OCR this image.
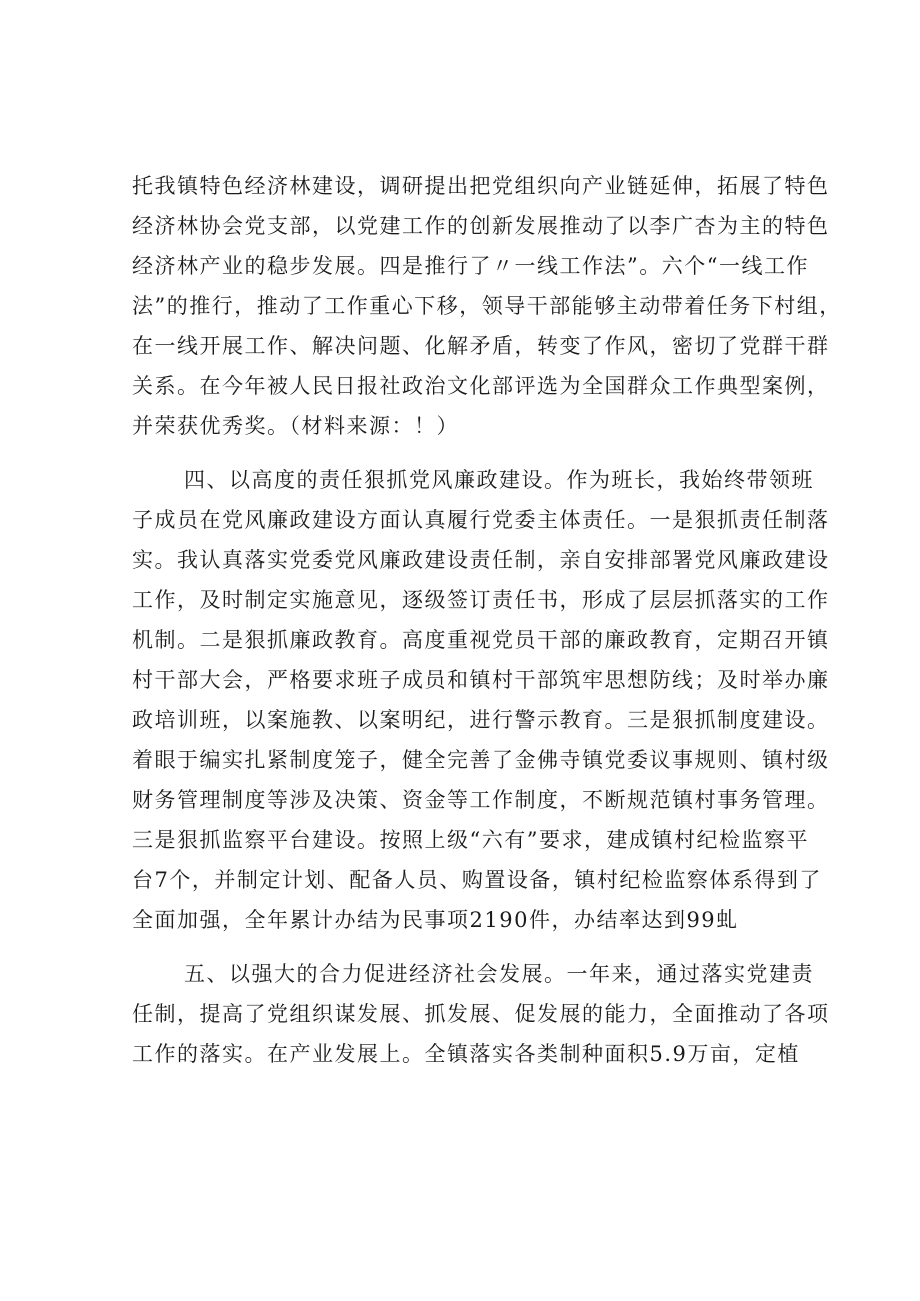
托我镇特色经济林建设，调研提出把党组织向产业链延伸，拓展了特色
经济林协会党支部，以党建工作的创新发展推动了以李广杏为主的特色
经济林产业的稳步发展。四是推行了〃一线工作法”。六个“一线工作
法”的推行，推动了工作重心下移，领导干部能够主动带着任务下村组，
在一线开展工作、解决问题、化解矛盾，转变了作风，密切了党群干群
关系。在今年被人民日报社政治文化部评选为全国群众工作典型案例，
并荣获优秀奖。（材料来源：！）
四、以高度的责任狠抓党风廉政建设。作为班长，我始终带领班
子成员在党风廉政建设方面认真履行党委主体责任。一是狠抓责任制落
实。我认真落实党委党风廉政建设责任制，亲自安排部署党风廉政建设
工作，及时制定实施意见，逐级签订责任书，形成了层层抓落实的工作
机制。二是狠抓廉政教育。高度重视党员干部的廉政教育，定期召开镇
村干部大会，严格要求班子成员和镇村干部筑牢思想防线；及时举办廉
政培训班，以案施教、以案明纪，进行警示教育。三是狠抓制度建设。
着眼于编实扎紧制度笼子，健全完善了金佛寺镇党委议事规则、镇村级
财务管理制度等涉及决策、资金等工作制度，不断规范镇村事务管理。
三是狠抓监察平台建设。按照上级“六有”要求，建成镇村纪检监察平
台7个，并制定计划、配备人员、购置设备，镇村纪检监察体系得到了
全面加强，全年累计办结为民事项2190件，办结率达到99虬
五、以强大的合力促进经济社会发展。一年来，通过落实党建责
任制，提高了党组织谋发展、抓发展、促发展的能力，全面推动了各项
工作的落实。在产业发展上。全镇落实各类制种面积5.9万亩，定植
